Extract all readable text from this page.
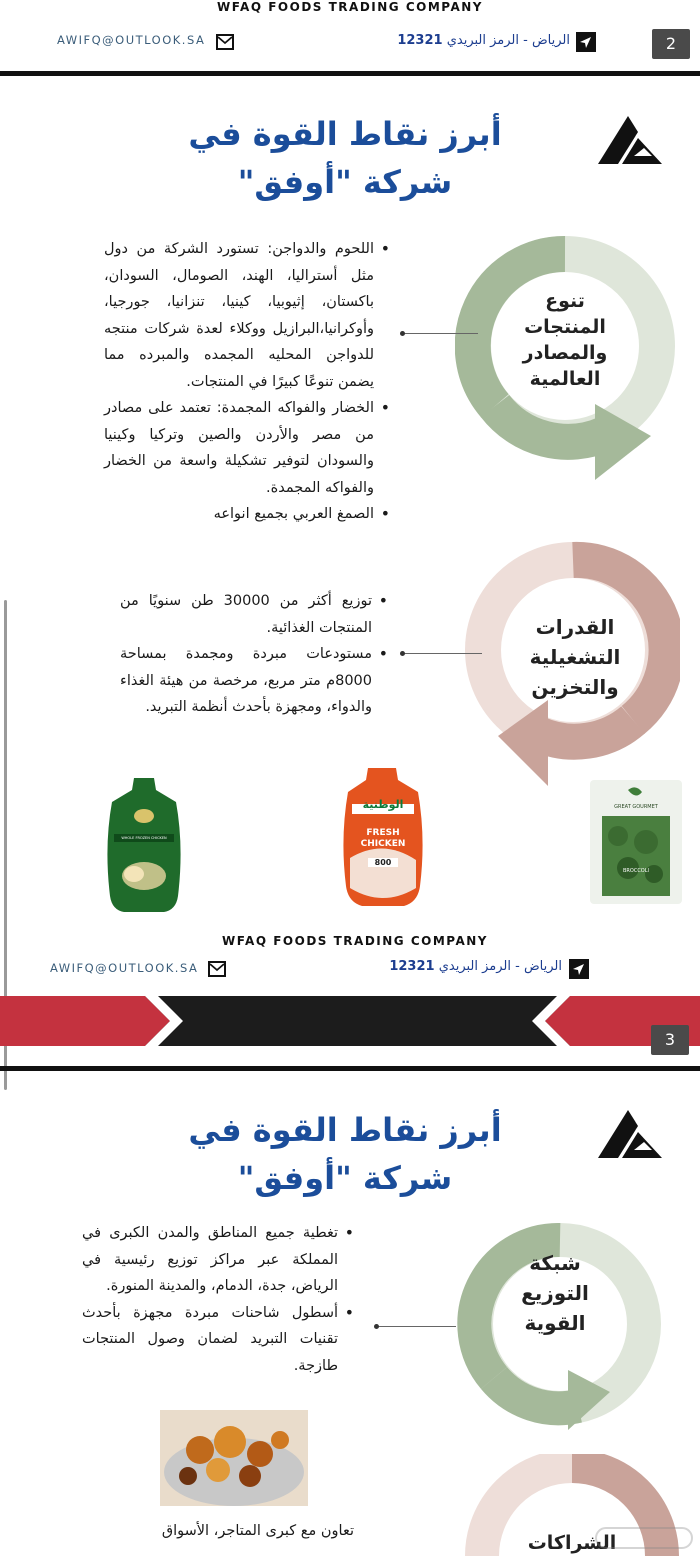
WFAQ FOODS TRADING COMPANY
AWIFQ@OUTLOOK.SA	الرياض - الرمز البريدي 12321	2
أبرز نقاط القوة في
شركة "أوفق"
تنوع المنتجات والمصادر العالمية
• اللحوم والدواجن: تستورد الشركة من دول مثل أستراليا، الهند، الصومال، السودان، باكستان، إثيوبيا، كينيا، تنزانيا، جورجيا، وأوكرانيا،البرازيل ووكلاء لعدة شركات منتجه للدواجن المحليه المجمده والمبرده مما يضمن تنوعًا كبيرًا في المنتجات.
• الخضار والفواكه المجمدة: تعتمد على مصادر من مصر والأردن والصين وتركيا وكينيا والسودان لتوفير تشكيلة واسعة من الخضار والفواكه المجمدة.
• الصمغ العربي بجميع انواعه
القدرات التشغيلية والتخزين
• توزيع أكثر من 30000 طن سنويًا من المنتجات الغذائية.
• مستودعات مبردة ومجمدة بمساحة 8000م متر مربع، مرخصة من هيئة الغذاء والدواء، ومجهزة بأحدث أنظمة التبريد.
WHOLE FROZEN CHICKEN
الوطنية
FRESH
CHICKEN
800
GREAT GOURMET
BROCCOLI
WFAQ FOODS TRADING COMPANY
AWIFQ@OUTLOOK.SA	الرياض - الرمز البريدي 12321
3
أبرز نقاط القوة في
شركة "أوفق"
شبكة التوزيع القوية
• تغطية جميع المناطق والمدن الكبرى في المملكة عبر مراكز توزيع رئيسية في الرياض، جدة، الدمام، والمدينة المنورة.
• أسطول شاحنات مبردة مجهزة بأحدث تقنيات التبريد لضمان وصول المنتجات طازجة.
تعاون مع كبرى المتاجر، الأسواق
الشراكات
